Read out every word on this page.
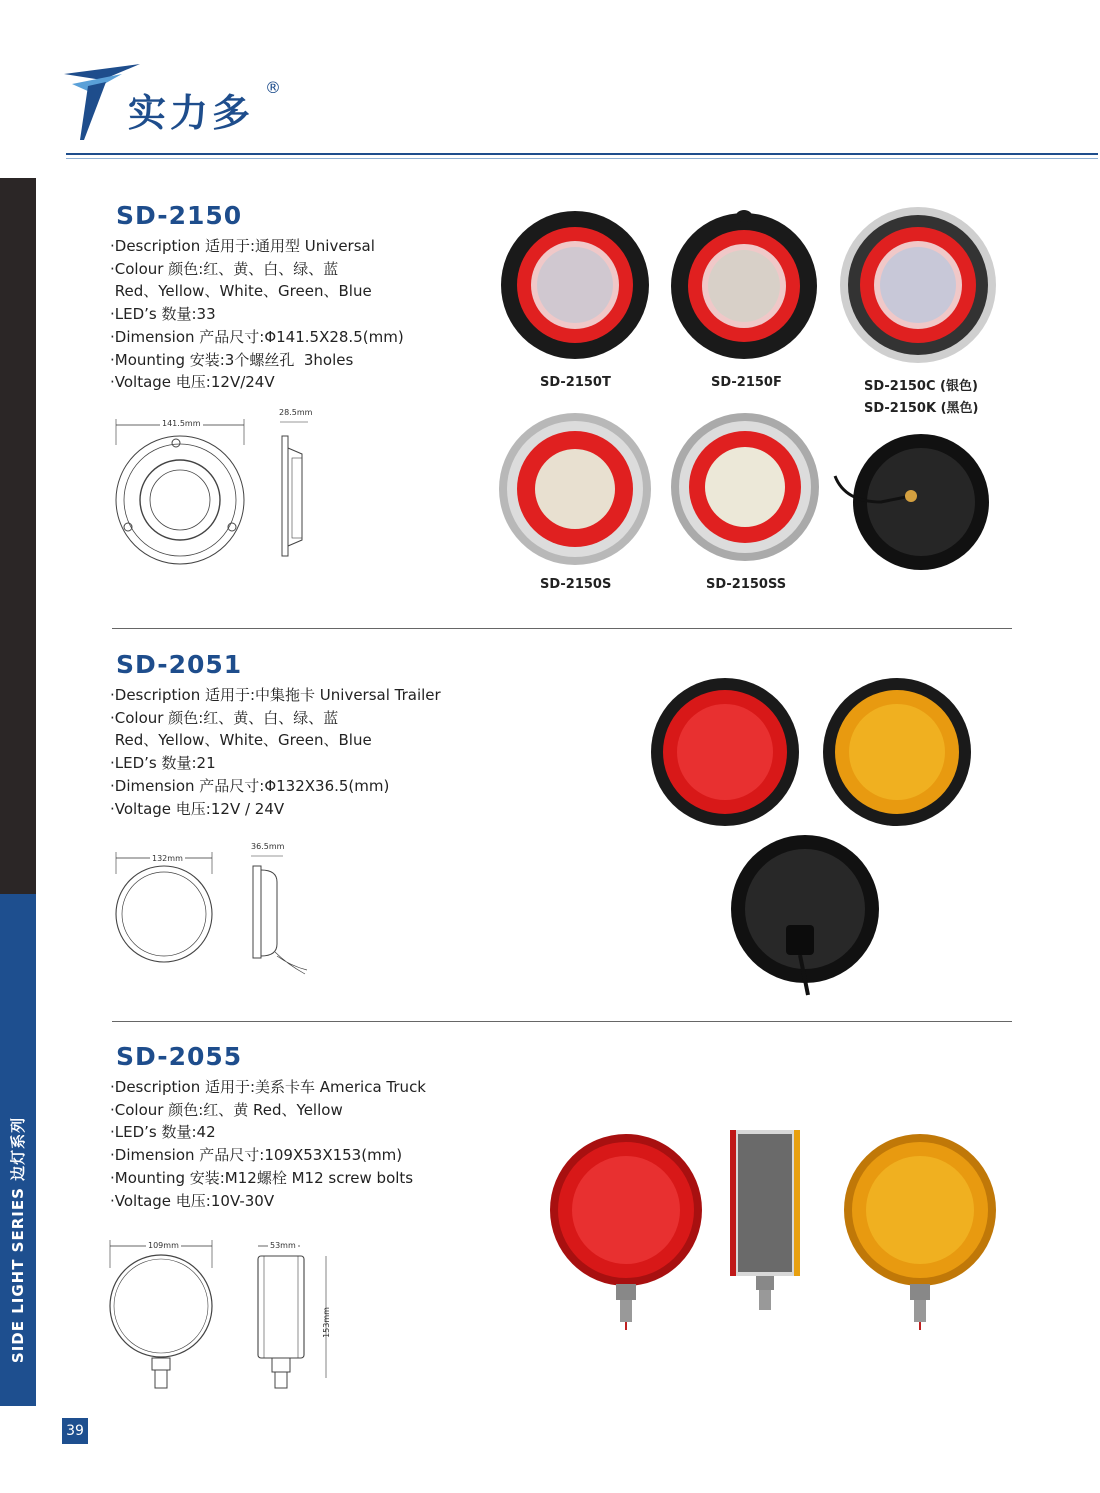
实力多
®
SIDE LIGHT SERIES 边灯系列
39
SD-2150
·Description 适用于:通用型 Universal
·Colour 颜色:红、黄、白、绿、蓝
Red、Yellow、White、Green、Blue
·LED’s 数量:33
·Dimension 产品尺寸:Φ141.5X28.5(mm)
·Mounting 安装:3个螺丝孔  3holes
·Voltage 电压:12V/24V
141.5mm
28.5mm
SD-2150T	SD-2150F	SD-2150C (银色)
SD-2150K (黑色)
SD-2150S	SD-2150SS
SD-2051
·Description 适用于:中集拖卡 Universal Trailer
·Colour 颜色:红、黄、白、绿、蓝
Red、Yellow、White、Green、Blue
·LED’s 数量:21
·Dimension 产品尺寸:Φ132X36.5(mm)
·Voltage 电压:12V / 24V
132mm
36.5mm
SD-2055
·Description 适用于:美系卡车 America Truck
·Colour 颜色:红、黄 Red、Yellow
·LED’s 数量:42
·Dimension 产品尺寸:109X53X153(mm)
·Mounting 安装:M12螺栓 M12 screw bolts
·Voltage 电压:10V-30V
109mm	53mm
153mm
